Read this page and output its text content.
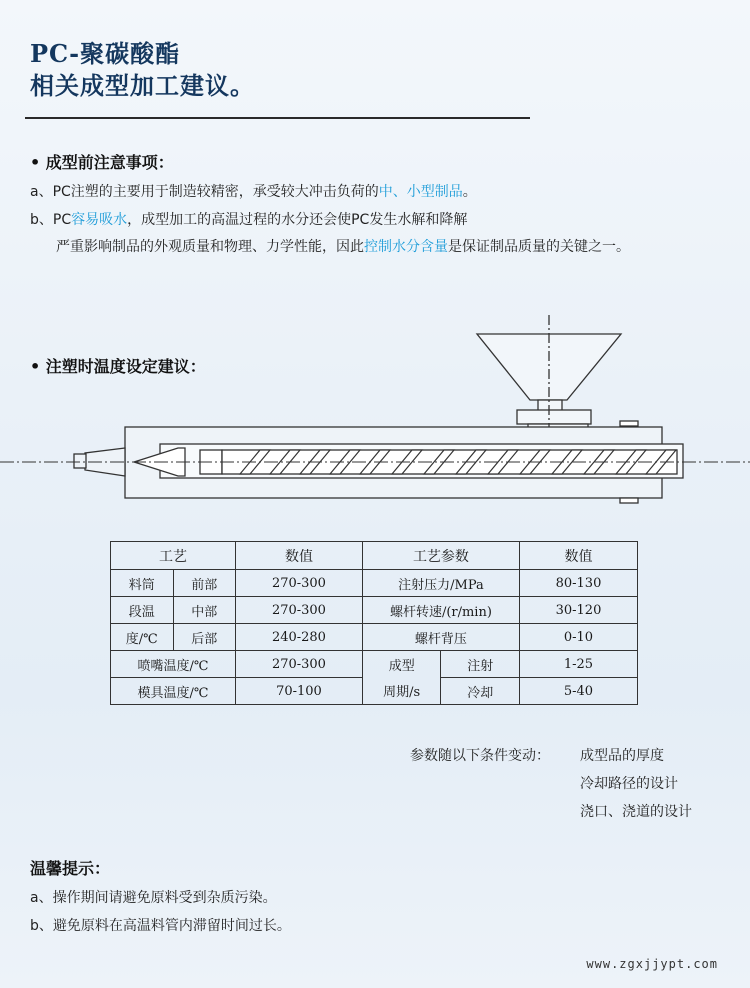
PC-聚碳酸酯
相关成型加工建议。
• 成型前注意事项：
a、PC注塑的主要用于制造较精密，承受较大冲击负荷的中、小型制品。
b、PC容易吸水，成型加工的高温过程的水分还会使PC发生水解和降解
严重影响制品的外观质量和物理、力学性能，因此控制水分含量是保证制品质量的关键之一。
• 注塑时温度设定建议：
工艺		数值	工艺参数		数值
料筒	前部	270-300	注射压力/MPa		80-130
段温	中部	270-300	螺杆转速/(r/min)		30-120
度/℃	后部	240-280	螺杆背压		0-10
喷嘴温度/℃		270-300	成型	注射	1-25
模具温度/℃		70-100	周期/s	冷却	5-40
参数随以下条件变动： 成型品的厚度
冷却路径的设计
浇口、浇道的设计
温馨提示：
a、操作期间请避免原料受到杂质污染。
b、避免原料在高温料管内滞留时间过长。
www.zgxjjypt.com
